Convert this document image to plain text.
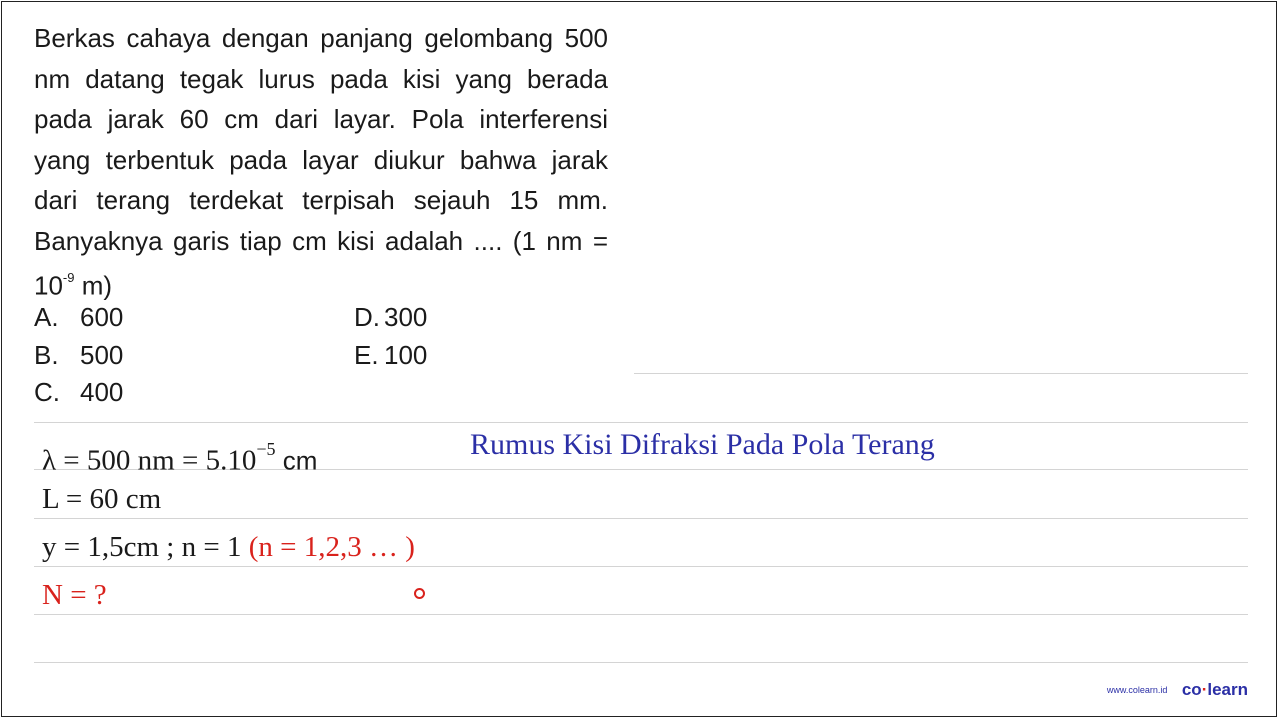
Berkas cahaya dengan panjang gelombang 500 nm datang tegak lurus pada kisi yang berada pada jarak 60 cm dari layar. Pola interferensi yang terbentuk pada layar diukur bahwa jarak dari terang terdekat terpisah sejauh 15 mm. Banyaknya garis tiap cm kisi adalah .... (1 nm = $10^{-9}$ m)

A. 600
B. 500
C. 400
D. 300
E. 100
λ = 500 nm = $5.10^{-5}$ cm	Rumus Kisi Difraksi Pada Pola Terang
L = 60 cm
y = 1,5cm ; n = 1 (n = 1,2,3 … )
N = ?
www.colearn.id co·learn
